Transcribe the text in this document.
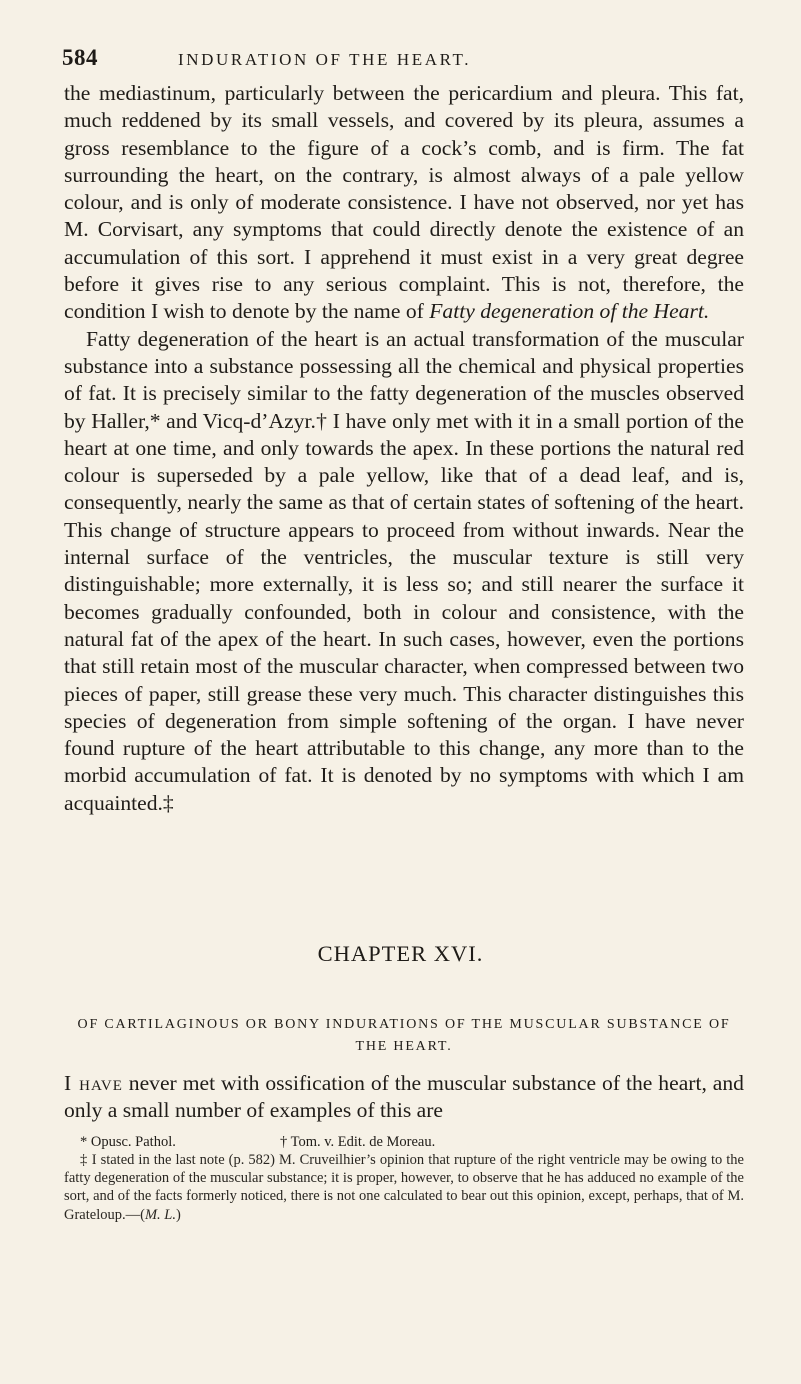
584	INDURATION OF THE HEART.

the mediastinum, particularly between the pericardium and pleura. This fat, much reddened by its small vessels, and covered by its pleura, assumes a gross resemblance to the figure of a cock’s comb, and is firm. The fat surrounding the heart, on the contrary, is almost always of a pale yellow colour, and is only of moderate consistence. I have not observed, nor yet has M. Corvisart, any symptoms that could directly denote the existence of an accumulation of this sort. I apprehend it must exist in a very great degree before it gives rise to any serious complaint. This is not, therefore, the condition I wish to denote by the name of Fatty degeneration of the Heart.
Fatty degeneration of the heart is an actual transformation of the muscular substance into a substance possessing all the chemical and physical properties of fat. It is precisely similar to the fatty degeneration of the muscles observed by Haller,* and Vicq-d’Azyr.† I have only met with it in a small portion of the heart at one time, and only towards the apex. In these portions the natural red colour is superseded by a pale yellow, like that of a dead leaf, and is, consequently, nearly the same as that of certain states of softening of the heart. This change of structure appears to proceed from without inwards. Near the internal surface of the ventricles, the muscular texture is still very distinguishable; more externally, it is less so; and still nearer the surface it becomes gradually confounded, both in colour and consistence, with the natural fat of the apex of the heart. In such cases, however, even the portions that still retain most of the muscular character, when compressed between two pieces of paper, still grease these very much. This character distinguishes this species of degeneration from simple softening of the organ. I have never found rupture of the heart attributable to this change, any more than to the morbid accumulation of fat. It is denoted by no symptoms with which I am acquainted.‡

CHAPTER XVI.
OF CARTILAGINOUS OR BONY INDURATIONS OF THE MUSCULAR SUBSTANCE OF THE HEART.

I have never met with ossification of the muscular substance of the heart, and only a small number of examples of this are

* Opusc. Pathol.	† Tom. v. Edit. de Moreau.

‡ I stated in the last note (p. 582) M. Cruveilhier’s opinion that rupture of the right ventricle may be owing to the fatty degeneration of the muscular substance; it is proper, however, to observe that he has adduced no example of the sort, and of the facts formerly noticed, there is not one calculated to bear out this opinion, except, perhaps, that of M. Grateloup.—(M. L.)
